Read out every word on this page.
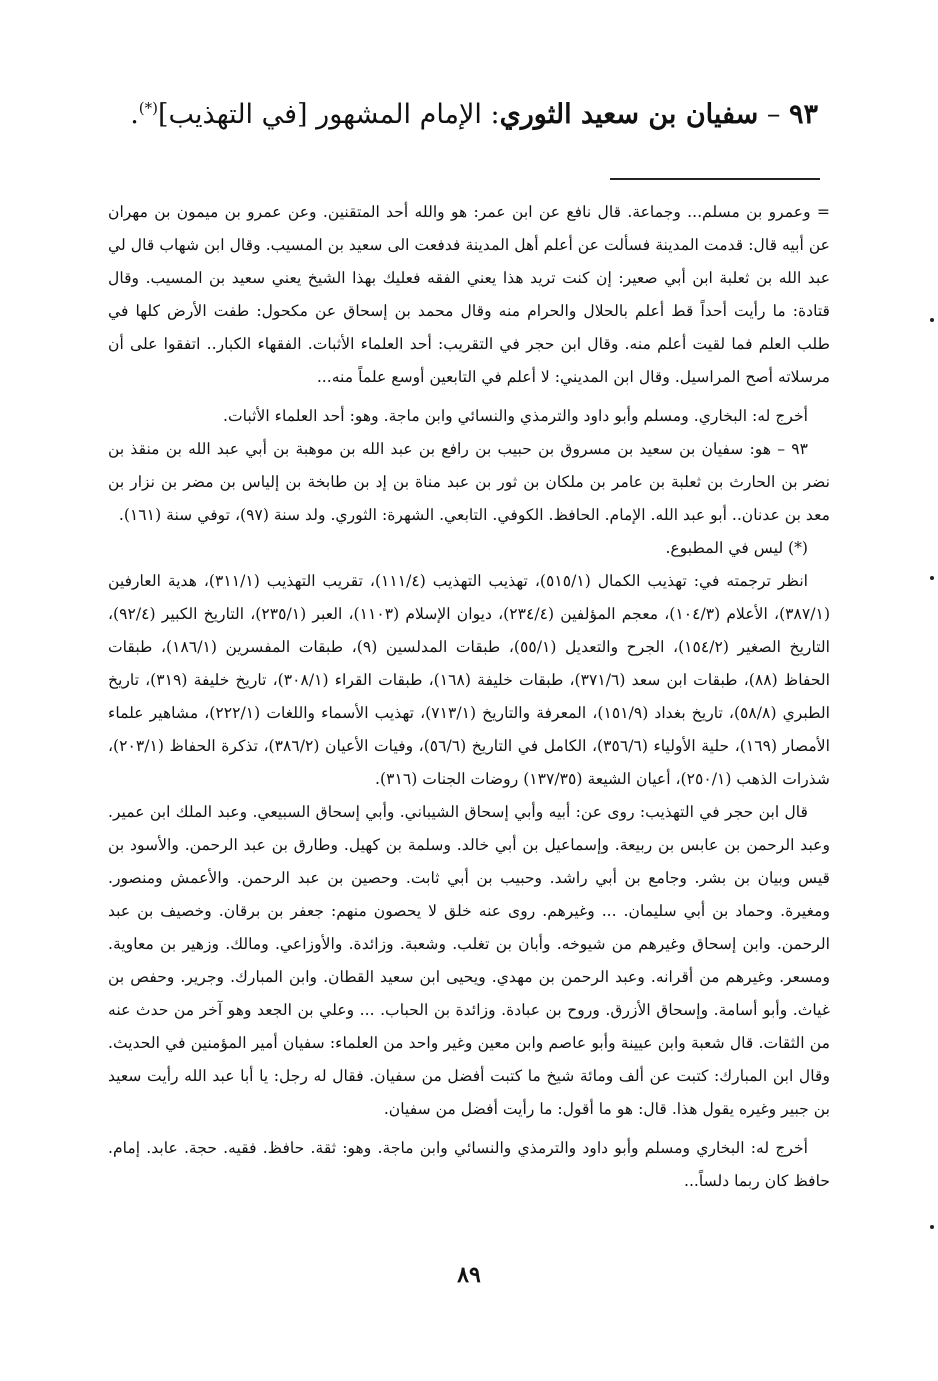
٩٣ – سفيان بن سعيد الثوري: الإمام المشهور [في التهذيب](*).

= وعمرو بن مسلم... وجماعة. قال نافع عن ابن عمر: هو والله أحد المتقنين. وعن عمرو بن ميمون بن مهران عن أبيه قال: قدمت المدينة فسألت عن أعلم أهل المدينة فدفعت الى سعيد بن المسيب. وقال ابن شهاب قال لي عبد الله بن ثعلبة ابن أبي صعير: إن كنت تريد هذا يعني الفقه فعليك بهذا الشيخ يعني سعيد بن المسيب. وقال قتادة: ما رأيت أحداً قط أعلم بالحلال والحرام منه وقال محمد بن إسحاق عن مكحول: طفت الأرض كلها في طلب العلم فما لقيت أعلم منه. وقال ابن حجر في التقريب: أحد العلماء الأثبات. الفقهاء الكبار.. اتفقوا على أن مرسلاته أصح المراسيل. وقال ابن المديني: لا أعلم في التابعين أوسع علماً منه...

أخرج له: البخاري. ومسلم وأبو داود والترمذي والنسائي وابن ماجة. وهو: أحد العلماء الأثبات.

٩٣ – هو: سفيان بن سعيد بن مسروق بن حبيب بن رافع بن عبد الله بن موهبة بن أبي عبد الله بن منقذ بن نضر بن الحارث بن ثعلبة بن عامر بن ملكان بن ثور بن عبد مناة بن إد بن طابخة بن إلياس بن مضر بن نزار بن معد بن عدنان.. أبو عبد الله. الإمام. الحافظ. الكوفي. التابعي. الشهرة: الثوري. ولد سنة (٩٧)، توفي سنة (١٦١).

(*) ليس في المطبوع.

انظر ترجمته في: تهذيب الكمال (٥١٥/١)، تهذيب التهذيب (١١١/٤)، تقريب التهذيب (٣١١/١)، هدية العارفين (٣٨٧/١)، الأعلام (١٠٤/٣)، معجم المؤلفين (٢٣٤/٤)، ديوان الإسلام (١١٠٣)، العبر (٢٣٥/١)، التاريخ الكبير (٩٢/٤)، التاريخ الصغير (١٥٤/٢)، الجرح والتعديل (٥٥/١)، طبقات المدلسين (٩)، طبقات المفسرين (١٨٦/١)، طبقات الحفاظ (٨٨)، طبقات ابن سعد (٣٧١/٦)، طبقات خليفة (١٦٨)، طبقات القراء (٣٠٨/١)، تاريخ خليفة (٣١٩)، تاريخ الطبري (٥٨/٨)، تاريخ بغداد (١٥١/٩)، المعرفة والتاريخ (٧١٣/١)، تهذيب الأسماء واللغات (٢٢٢/١)، مشاهير علماء الأمصار (١٦٩)، حلية الأولياء (٣٥٦/٦)، الكامل في التاريخ (٥٦/٦)، وفيات الأعيان (٣٨٦/٢)، تذكرة الحفاظ (٢٠٣/١)، شذرات الذهب (٢٥٠/١)، أعيان الشيعة (١٣٧/٣٥) روضات الجنات (٣١٦).

قال ابن حجر في التهذيب: روى عن: أبيه وأبي إسحاق الشيباني. وأبي إسحاق السبيعي. وعبد الملك ابن عمير. وعبد الرحمن بن عابس بن ربيعة. وإسماعيل بن أبي خالد. وسلمة بن كهيل. وطارق بن عبد الرحمن. والأسود بن قيس وبيان بن بشر. وجامع بن أبي راشد. وحبيب بن أبي ثابت. وحصين بن عبد الرحمن. والأعمش ومنصور. ومغيرة. وحماد بن أبي سليمان. ... وغيرهم. روى عنه خلق لا يحصون منهم: جعفر بن برقان. وخصيف بن عبد الرحمن. وابن إسحاق وغيرهم من شيوخه. وأبان بن تغلب. وشعبة. وزائدة. والأوزاعي. ومالك. وزهير بن معاوية. ومسعر. وغيرهم من أقرانه. وعبد الرحمن بن مهدي. ويحيى ابن سعيد القطان. وابن المبارك. وجرير. وحفص بن غياث. وأبو أسامة. وإسحاق الأزرق. وروح بن عبادة. وزائدة بن الحباب. ... وعلي بن الجعد وهو آخر من حدث عنه من الثقات. قال شعبة وابن عيينة وأبو عاصم وابن معين وغير واحد من العلماء: سفيان أمير المؤمنين في الحديث. وقال ابن المبارك: كتبت عن ألف ومائة شيخ ما كتبت أفضل من سفيان. فقال له رجل: يا أبا عبد الله رأيت سعيد بن جبير وغيره يقول هذا. قال: هو ما أقول: ما رأيت أفضل من سفيان.

أخرج له: البخاري ومسلم وأبو داود والترمذي والنسائي وابن ماجة. وهو: ثقة. حافظ. فقيه. حجة. عابد. إمام. حافظ كان ربما دلساً...

٨٩
